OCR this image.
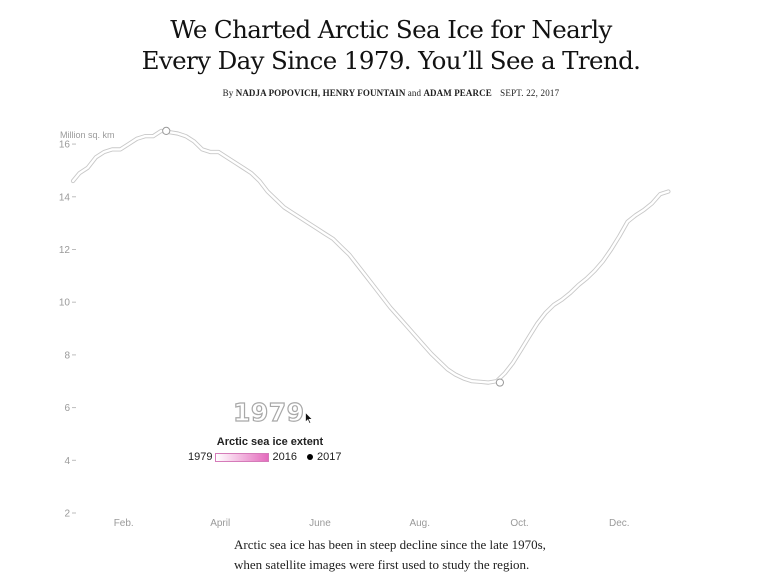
We Charted Arctic Sea Ice for Nearly
Every Day Since 1979. You’ll See a Trend.
By NADJA POPOVICH, HENRY FOUNTAIN and ADAM PEARCE SEPT. 22, 2017
Million sq. km
2
4
6
8
10
12
14
16
Feb.	April	June	Aug.	Oct.	Dec.
1979
Arctic sea ice extent
1979	2016 2017
Arctic sea ice has been in steep decline since the late 1970s,
when satellite images were first used to study the region.
